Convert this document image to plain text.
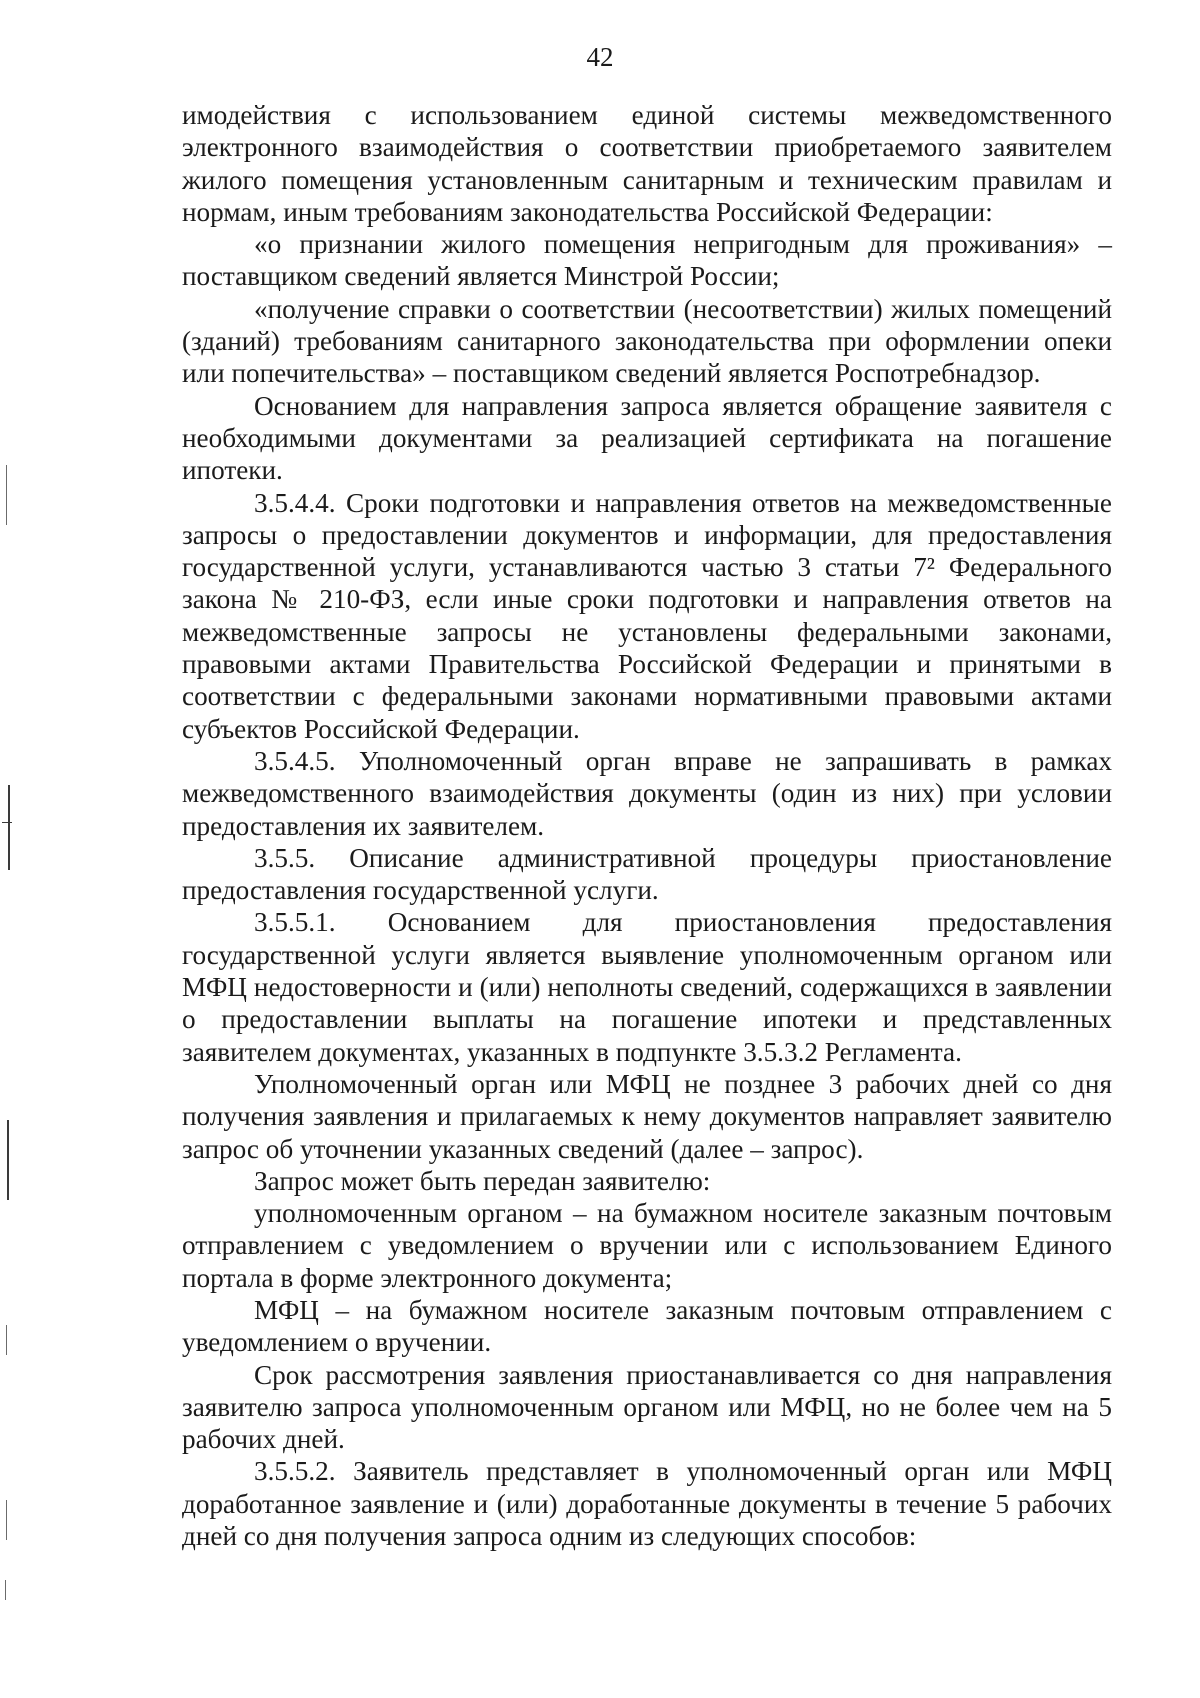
42

имодействия с использованием единой системы межведомственного электронного взаимодействия о соответствии приобретаемого заявителем жилого помещения установленным санитарным и техническим правилам и нормам, иным требованиям законодательства Российской Федерации:

«о признании жилого помещения непригодным для проживания» – поставщиком сведений является Минстрой России;

«получение справки о соответствии (несоответствии) жилых помещений (зданий) требованиям санитарного законодательства при оформлении опеки или попечительства» – поставщиком сведений является Роспотребнадзор.

Основанием для направления запроса является обращение заявителя с необходимыми документами за реализацией сертификата на погашение ипотеки.

3.5.4.4. Сроки подготовки и направления ответов на межведомственные запросы о предоставлении документов и информации, для предоставления государственной услуги, устанавливаются частью 3 статьи 7² Федерального закона № 210-ФЗ, если иные сроки подготовки и направления ответов на межведомственные запросы не установлены федеральными законами, правовыми актами Правительства Российской Федерации и принятыми в соответствии с федеральными законами нормативными правовыми актами субъектов Российской Федерации.

3.5.4.5. Уполномоченный орган вправе не запрашивать в рамках межведомственного взаимодействия документы (один из них) при условии предоставления их заявителем.

3.5.5. Описание административной процедуры приостановление предоставления государственной услуги.

3.5.5.1. Основанием для приостановления предоставления государственной услуги является выявление уполномоченным органом или МФЦ недостоверности и (или) неполноты сведений, содержащихся в заявлении о предоставлении выплаты на погашение ипотеки и представленных заявителем документах, указанных в подпункте 3.5.3.2 Регламента.

Уполномоченный орган или МФЦ не позднее 3 рабочих дней со дня получения заявления и прилагаемых к нему документов направляет заявителю запрос об уточнении указанных сведений (далее – запрос).

Запрос может быть передан заявителю:

уполномоченным органом – на бумажном носителе заказным почтовым отправлением с уведомлением о вручении или с использованием Единого портала в форме электронного документа;

МФЦ – на бумажном носителе заказным почтовым отправлением с уведомлением о вручении.

Срок рассмотрения заявления приостанавливается со дня направления заявителю запроса уполномоченным органом или МФЦ, но не более чем на 5 рабочих дней.

3.5.5.2. Заявитель представляет в уполномоченный орган или МФЦ доработанное заявление и (или) доработанные документы в течение 5 рабочих дней со дня получения запроса одним из следующих способов:
